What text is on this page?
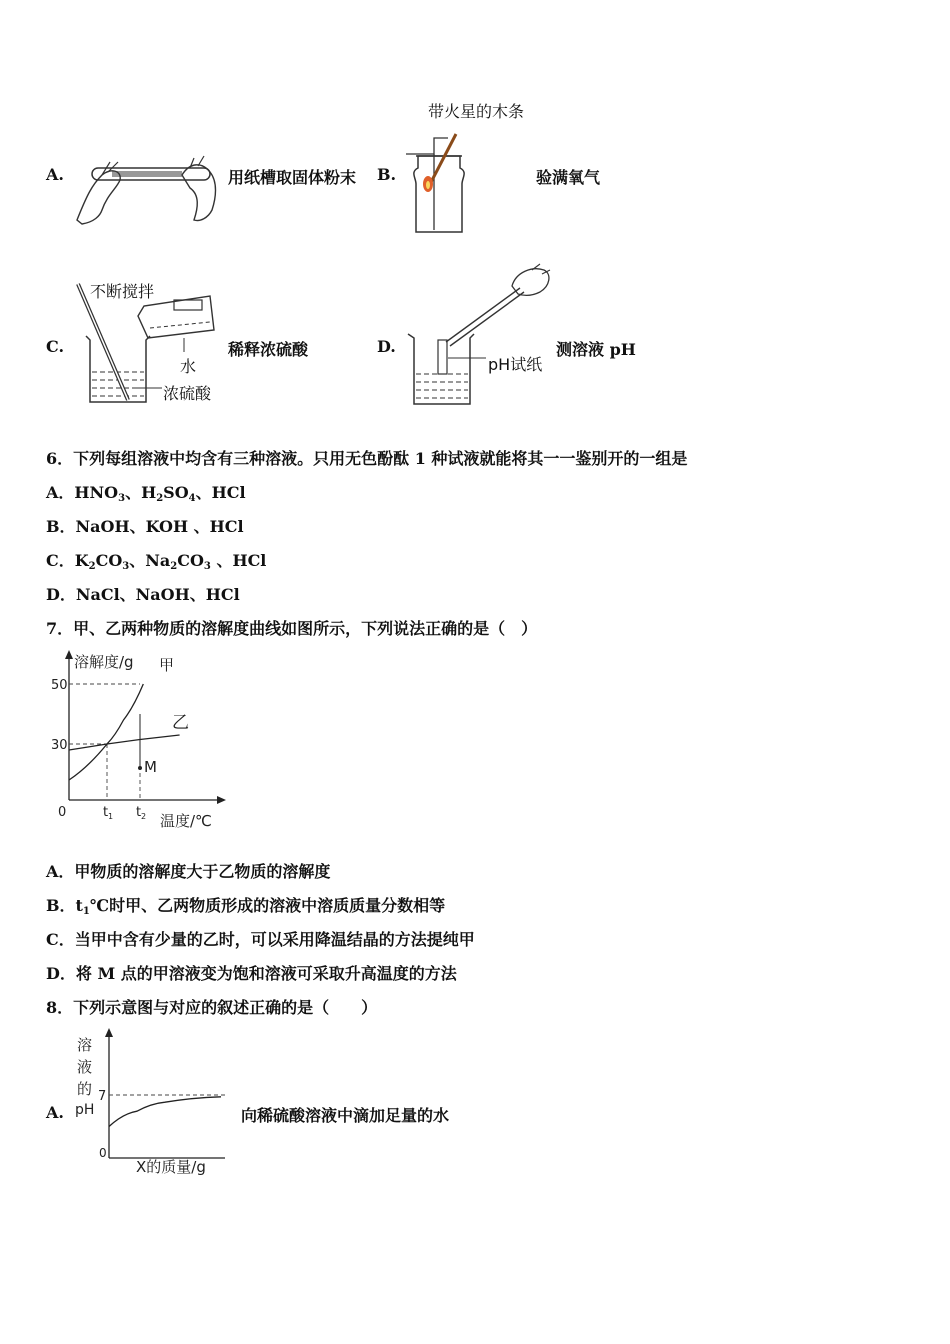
A.	用纸槽取固体粉末 B.
带火星的木条
验满氧气
C.
不断搅拌
水
浓硫酸
稀释浓硫酸	D.
pH试纸
测溶液 pH
6．下列每组溶液中均含有三种溶液。只用无色酚酞 1 种试液就能将其一一鉴别开的一组是
A．$HNO_3$、$H_2SO_4$、HCl
B．NaOH、KOH 、HCl
C．$K_2CO_3$、$Na_2CO_3$ 、HCl
D．NaCl、NaOH、HCl
7．甲、乙两种物质的溶解度曲线如图所示，下列说法正确的是（　）
溶解度/g 甲
乙
M
50
30
0	t 1 t 2 温度/℃
A．甲物质的溶解度大于乙物质的溶解度
B．$t_1℃$时甲、乙两物质形成的溶液中溶质质量分数相等
C．当甲中含有少量的乙时，可以采用降温结晶的方法提纯甲
D．将 M 点的甲溶液变为饱和溶液可采取升高温度的方法
8．下列示意图与对应的叙述正确的是（　　）
A.
溶
液
的
pH
7
0
X的质量/g
向稀硫酸溶液中滴加足量的水
